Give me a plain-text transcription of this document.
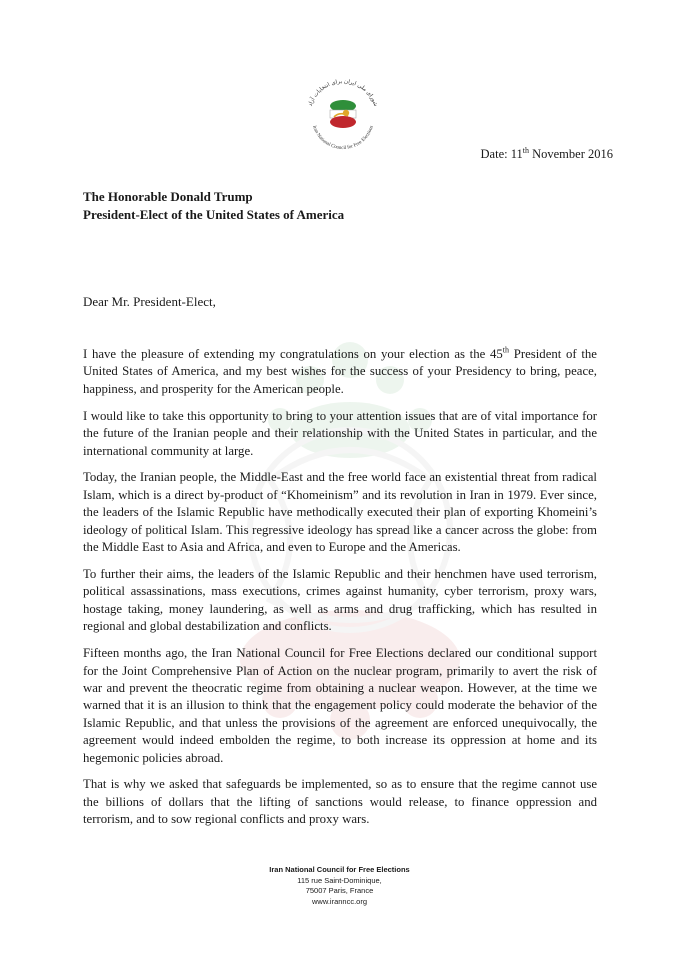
شورای ملی ایران برای انتخابات آزاد
Iran National Council for Free Elections
Date: 11th November 2016
The Honorable Donald Trump
President-Elect of the United States of America
Dear Mr. President-Elect,

I have the pleasure of extending my congratulations on your election as the 45th President of the United States of America, and my best wishes for the success of your Presidency to bring, peace, happiness, and prosperity for the American people.

I would like to take this opportunity to bring to your attention issues that are of vital importance for the future of the Iranian people and their relationship with the United States in particular, and the international community at large.

Today, the Iranian people, the Middle-East and the free world face an existential threat from radical Islam, which is a direct by-product of “Khomeinism” and its revolution in Iran in 1979. Ever since, the leaders of the Islamic Republic have methodically executed their plan of exporting Khomeini’s ideology of political Islam. This regressive ideology has spread like a cancer across the globe: from the Middle East to Asia and Africa, and even to Europe and the Americas.

To further their aims, the leaders of the Islamic Republic and their henchmen have used terrorism, political assassinations, mass executions, crimes against humanity, cyber terrorism, proxy wars, hostage taking, money laundering, as well as arms and drug trafficking, which has resulted in regional and global destabilization and conflicts.

Fifteen months ago, the Iran National Council for Free Elections declared our conditional support for the Joint Comprehensive Plan of Action on the nuclear program, primarily to avert the risk of war and prevent the theocratic regime from obtaining a nuclear weapon. However, at the time we warned that it is an illusion to think that the engagement policy could moderate the behavior of the Islamic Republic, and that unless the provisions of the agreement are enforced unequivocally, the agreement would indeed embolden the regime, to both increase its oppression at home and its hegemonic policies abroad.

That is why we asked that safeguards be implemented, so as to ensure that the regime cannot use the billions of dollars that the lifting of sanctions would release, to finance oppression and terrorism, and to sow regional conflicts and proxy wars.

Iran National Council for Free Elections
115 rue Saint-Dominique,
75007 Paris, France
www.iranncc.org
